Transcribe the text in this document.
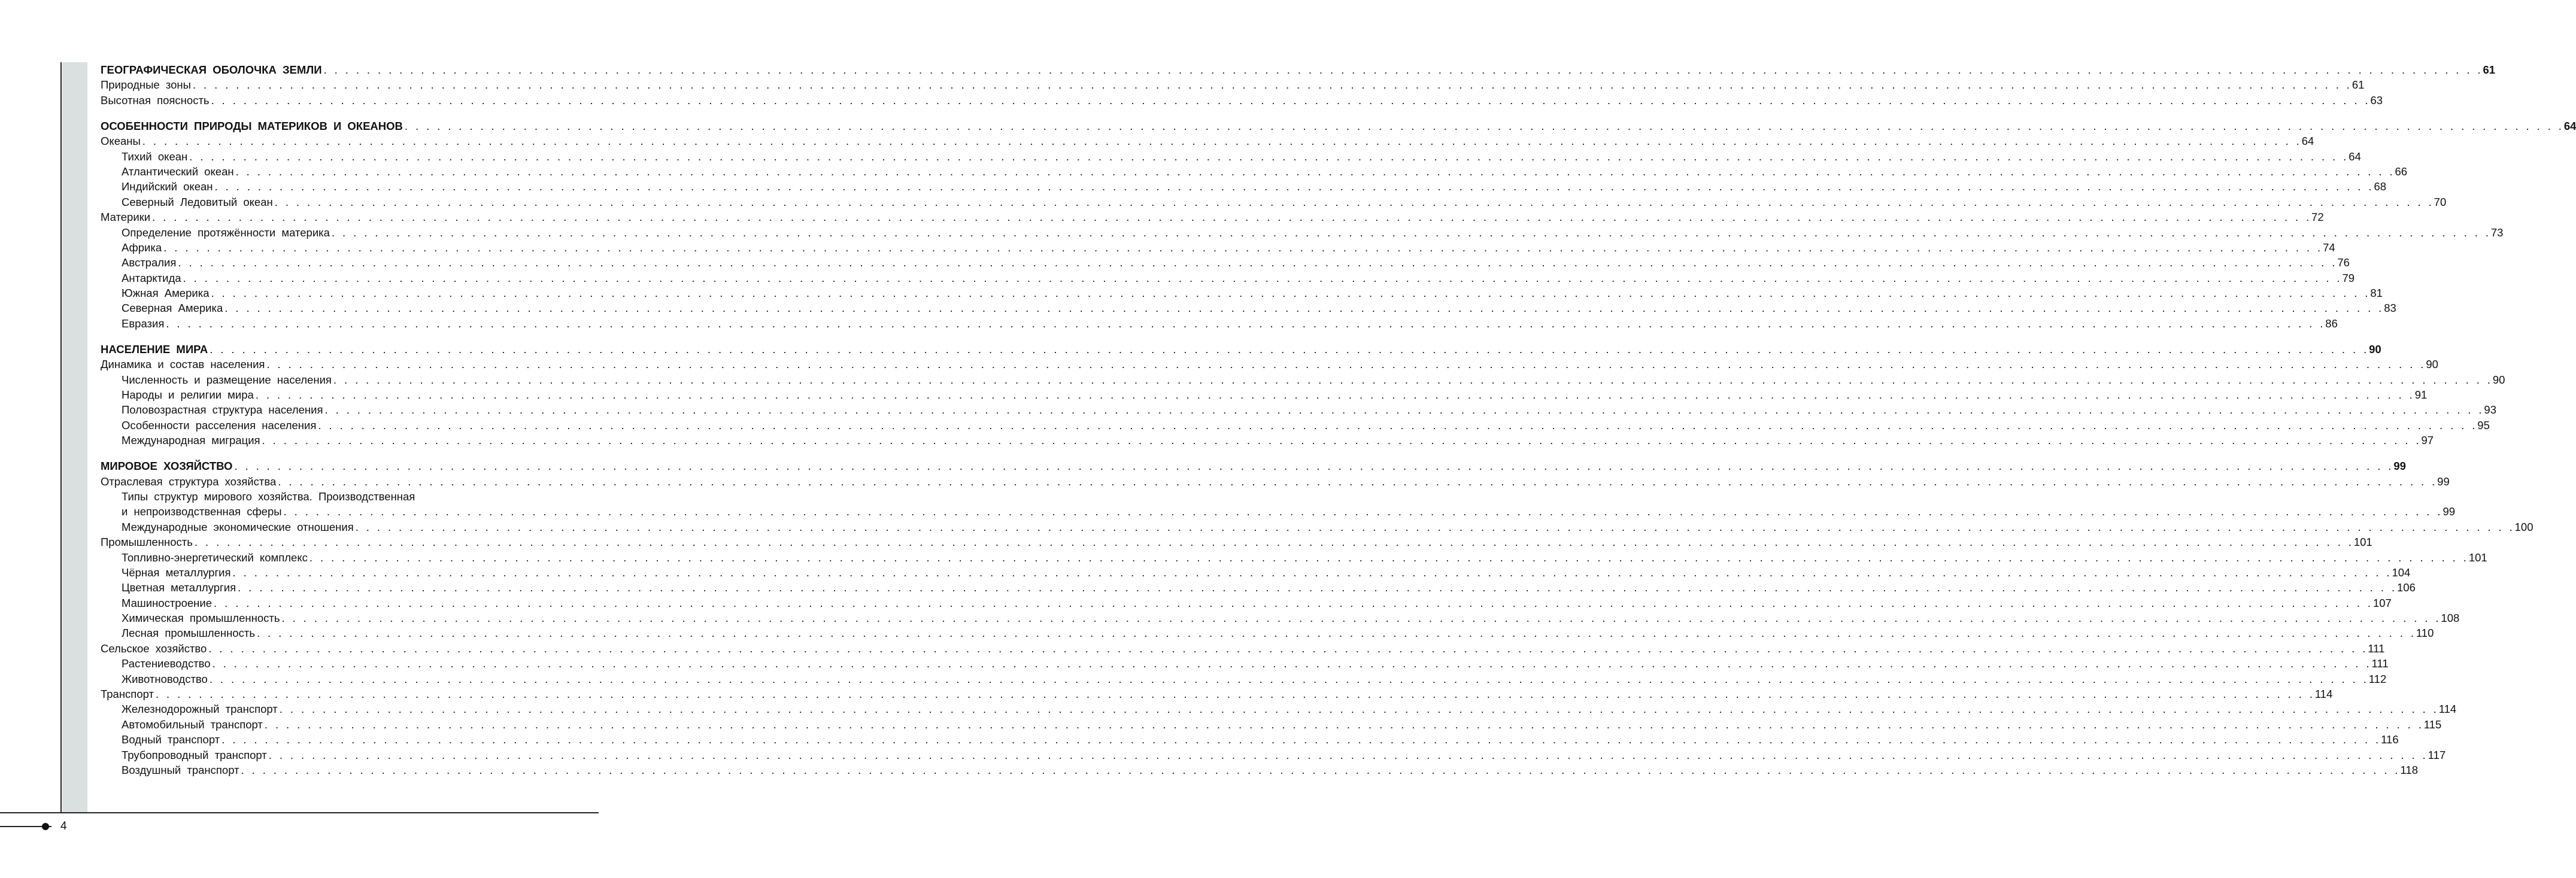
4
ГЕОГРАФИЧЕСКАЯ ОБОЛОЧКА ЗЕМЛИ . . . . . . . . . . . . . . . . . . . . . . . . . . . . . . . . . . . . . . . . . . . . . . . . . . . . . . . . . . . . . . . . . . . . . . . . . . . . . . . . . . . . . . . . . . . . . . . . . . . . . . . . . . . . . . . . . . . . . . . . . . . . . . . . . . . . . . . . . . . . . . . . . . . . . . . . . . . . . . . . . . . . . . . . . . . . . . . . . . . . . . . . . . . . . . . . . . . . . . . . 61
Природные зоны . . . . . . . . . . . . . . . . . . . . . . . . . . . . . . . . . . . . . . . . . . . . . . . . . . . . . . . . . . . . . . . . . . . . . . . . . . . . . . . . . . . . . . . . . . . . . . . . . . . . . . . . . . . . . . . . . . . . . . . . . . . . . . . . . . . . . . . . . . . . . . . . . . . . . . . . . . . . . . . . . . . . . . . . . . . . . . . . . . . . . . . . . . . . . . . . . . . . . . . . 61
Высотная поясность . . . . . . . . . . . . . . . . . . . . . . . . . . . . . . . . . . . . . . . . . . . . . . . . . . . . . . . . . . . . . . . . . . . . . . . . . . . . . . . . . . . . . . . . . . . . . . . . . . . . . . . . . . . . . . . . . . . . . . . . . . . . . . . . . . . . . . . . . . . . . . . . . . . . . . . . . . . . . . . . . . . . . . . . . . . . . . . . . . . . . . . . . . . . . . . . . . . . . . . . 63
ОСОБЕННОСТИ ПРИРОДЫ МАТЕРИКОВ И ОКЕАНОВ . . . . . . . . . . . . . . . . . . . . . . . . . . . . . . . . . . . . . . . . . . . . . . . . . . . . . . . . . . . . . . . . . . . . . . . . . . . . . . . . . . . . . . . . . . . . . . . . . . . . . . . . . . . . . . . . . . . . . . . . . . . . . . . . . . . . . . . . . . . . . . . . . . . . . . . . . . . . . . . . . . . . . . . . . . . . . . . . . . . . . . . . . . . . . . . . . . . . . . . . 64
Океаны . . . . . . . . . . . . . . . . . . . . . . . . . . . . . . . . . . . . . . . . . . . . . . . . . . . . . . . . . . . . . . . . . . . . . . . . . . . . . . . . . . . . . . . . . . . . . . . . . . . . . . . . . . . . . . . . . . . . . . . . . . . . . . . . . . . . . . . . . . . . . . . . . . . . . . . . . . . . . . . . . . . . . . . . . . . . . . . . . . . . . . . . . . . . . . . . . . . . . . . . 64
Тихий океан . . . . . . . . . . . . . . . . . . . . . . . . . . . . . . . . . . . . . . . . . . . . . . . . . . . . . . . . . . . . . . . . . . . . . . . . . . . . . . . . . . . . . . . . . . . . . . . . . . . . . . . . . . . . . . . . . . . . . . . . . . . . . . . . . . . . . . . . . . . . . . . . . . . . . . . . . . . . . . . . . . . . . . . . . . . . . . . . . . . . . . . . . . . . . . . . . . . . . . . . 64
Атлантический океан . . . . . . . . . . . . . . . . . . . . . . . . . . . . . . . . . . . . . . . . . . . . . . . . . . . . . . . . . . . . . . . . . . . . . . . . . . . . . . . . . . . . . . . . . . . . . . . . . . . . . . . . . . . . . . . . . . . . . . . . . . . . . . . . . . . . . . . . . . . . . . . . . . . . . . . . . . . . . . . . . . . . . . . . . . . . . . . . . . . . . . . . . . . . . . . . . . . . . . . . 66
Индийский океан . . . . . . . . . . . . . . . . . . . . . . . . . . . . . . . . . . . . . . . . . . . . . . . . . . . . . . . . . . . . . . . . . . . . . . . . . . . . . . . . . . . . . . . . . . . . . . . . . . . . . . . . . . . . . . . . . . . . . . . . . . . . . . . . . . . . . . . . . . . . . . . . . . . . . . . . . . . . . . . . . . . . . . . . . . . . . . . . . . . . . . . . . . . . . . . . . . . . . . . . 68
Северный Ледовитый океан . . . . . . . . . . . . . . . . . . . . . . . . . . . . . . . . . . . . . . . . . . . . . . . . . . . . . . . . . . . . . . . . . . . . . . . . . . . . . . . . . . . . . . . . . . . . . . . . . . . . . . . . . . . . . . . . . . . . . . . . . . . . . . . . . . . . . . . . . . . . . . . . . . . . . . . . . . . . . . . . . . . . . . . . . . . . . . . . . . . . . . . . . . . . . . . . . . . . . . . . 70
Материки . . . . . . . . . . . . . . . . . . . . . . . . . . . . . . . . . . . . . . . . . . . . . . . . . . . . . . . . . . . . . . . . . . . . . . . . . . . . . . . . . . . . . . . . . . . . . . . . . . . . . . . . . . . . . . . . . . . . . . . . . . . . . . . . . . . . . . . . . . . . . . . . . . . . . . . . . . . . . . . . . . . . . . . . . . . . . . . . . . . . . . . . . . . . . . . . . . . . . . . . 72
Определение протяжённости материка . . . . . . . . . . . . . . . . . . . . . . . . . . . . . . . . . . . . . . . . . . . . . . . . . . . . . . . . . . . . . . . . . . . . . . . . . . . . . . . . . . . . . . . . . . . . . . . . . . . . . . . . . . . . . . . . . . . . . . . . . . . . . . . . . . . . . . . . . . . . . . . . . . . . . . . . . . . . . . . . . . . . . . . . . . . . . . . . . . . . . . . . . . . . . . . . . . . . . . . . 73
Африка . . . . . . . . . . . . . . . . . . . . . . . . . . . . . . . . . . . . . . . . . . . . . . . . . . . . . . . . . . . . . . . . . . . . . . . . . . . . . . . . . . . . . . . . . . . . . . . . . . . . . . . . . . . . . . . . . . . . . . . . . . . . . . . . . . . . . . . . . . . . . . . . . . . . . . . . . . . . . . . . . . . . . . . . . . . . . . . . . . . . . . . . . . . . . . . . . . . . . . . . 74
Австралия . . . . . . . . . . . . . . . . . . . . . . . . . . . . . . . . . . . . . . . . . . . . . . . . . . . . . . . . . . . . . . . . . . . . . . . . . . . . . . . . . . . . . . . . . . . . . . . . . . . . . . . . . . . . . . . . . . . . . . . . . . . . . . . . . . . . . . . . . . . . . . . . . . . . . . . . . . . . . . . . . . . . . . . . . . . . . . . . . . . . . . . . . . . . . . . . . . . . . . . . 76
Антарктида . . . . . . . . . . . . . . . . . . . . . . . . . . . . . . . . . . . . . . . . . . . . . . . . . . . . . . . . . . . . . . . . . . . . . . . . . . . . . . . . . . . . . . . . . . . . . . . . . . . . . . . . . . . . . . . . . . . . . . . . . . . . . . . . . . . . . . . . . . . . . . . . . . . . . . . . . . . . . . . . . . . . . . . . . . . . . . . . . . . . . . . . . . . . . . . . . . . . . . . . 79
Южная Америка . . . . . . . . . . . . . . . . . . . . . . . . . . . . . . . . . . . . . . . . . . . . . . . . . . . . . . . . . . . . . . . . . . . . . . . . . . . . . . . . . . . . . . . . . . . . . . . . . . . . . . . . . . . . . . . . . . . . . . . . . . . . . . . . . . . . . . . . . . . . . . . . . . . . . . . . . . . . . . . . . . . . . . . . . . . . . . . . . . . . . . . . . . . . . . . . . . . . . . . . 81
Северная Америка . . . . . . . . . . . . . . . . . . . . . . . . . . . . . . . . . . . . . . . . . . . . . . . . . . . . . . . . . . . . . . . . . . . . . . . . . . . . . . . . . . . . . . . . . . . . . . . . . . . . . . . . . . . . . . . . . . . . . . . . . . . . . . . . . . . . . . . . . . . . . . . . . . . . . . . . . . . . . . . . . . . . . . . . . . . . . . . . . . . . . . . . . . . . . . . . . . . . . . . . 83
Евразия . . . . . . . . . . . . . . . . . . . . . . . . . . . . . . . . . . . . . . . . . . . . . . . . . . . . . . . . . . . . . . . . . . . . . . . . . . . . . . . . . . . . . . . . . . . . . . . . . . . . . . . . . . . . . . . . . . . . . . . . . . . . . . . . . . . . . . . . . . . . . . . . . . . . . . . . . . . . . . . . . . . . . . . . . . . . . . . . . . . . . . . . . . . . . . . . . . . . . . . . 86
НАСЕЛЕНИЕ МИРА . . . . . . . . . . . . . . . . . . . . . . . . . . . . . . . . . . . . . . . . . . . . . . . . . . . . . . . . . . . . . . . . . . . . . . . . . . . . . . . . . . . . . . . . . . . . . . . . . . . . . . . . . . . . . . . . . . . . . . . . . . . . . . . . . . . . . . . . . . . . . . . . . . . . . . . . . . . . . . . . . . . . . . . . . . . . . . . . . . . . . . . . . . . . . . . . . . . . . . . . 90
Динамика и состав населения . . . . . . . . . . . . . . . . . . . . . . . . . . . . . . . . . . . . . . . . . . . . . . . . . . . . . . . . . . . . . . . . . . . . . . . . . . . . . . . . . . . . . . . . . . . . . . . . . . . . . . . . . . . . . . . . . . . . . . . . . . . . . . . . . . . . . . . . . . . . . . . . . . . . . . . . . . . . . . . . . . . . . . . . . . . . . . . . . . . . . . . . . . . . . . . . . . . . . . . . 90
Численность и размещение населения . . . . . . . . . . . . . . . . . . . . . . . . . . . . . . . . . . . . . . . . . . . . . . . . . . . . . . . . . . . . . . . . . . . . . . . . . . . . . . . . . . . . . . . . . . . . . . . . . . . . . . . . . . . . . . . . . . . . . . . . . . . . . . . . . . . . . . . . . . . . . . . . . . . . . . . . . . . . . . . . . . . . . . . . . . . . . . . . . . . . . . . . . . . . . . . . . . . . . . . . 90
Народы и религии мира . . . . . . . . . . . . . . . . . . . . . . . . . . . . . . . . . . . . . . . . . . . . . . . . . . . . . . . . . . . . . . . . . . . . . . . . . . . . . . . . . . . . . . . . . . . . . . . . . . . . . . . . . . . . . . . . . . . . . . . . . . . . . . . . . . . . . . . . . . . . . . . . . . . . . . . . . . . . . . . . . . . . . . . . . . . . . . . . . . . . . . . . . . . . . . . . . . . . . . . . 91
Половозрастная структура населения . . . . . . . . . . . . . . . . . . . . . . . . . . . . . . . . . . . . . . . . . . . . . . . . . . . . . . . . . . . . . . . . . . . . . . . . . . . . . . . . . . . . . . . . . . . . . . . . . . . . . . . . . . . . . . . . . . . . . . . . . . . . . . . . . . . . . . . . . . . . . . . . . . . . . . . . . . . . . . . . . . . . . . . . . . . . . . . . . . . . . . . . . . . . . . . . . . . . . . . . 93
Особенности расселения населения . . . . . . . . . . . . . . . . . . . . . . . . . . . . . . . . . . . . . . . . . . . . . . . . . . . . . . . . . . . . . . . . . . . . . . . . . . . . . . . . . . . . . . . . . . . . . . . . . . . . . . . . . . . . . . . . . . . . . . . . . . . . . . . . . . . . . . . . . . . . . . . . . . . . . . . . . . . . . . . . . . . . . . . . . . . . . . . . . . . . . . . . . . . . . . . . . . . . . . . . 95
Международная миграция . . . . . . . . . . . . . . . . . . . . . . . . . . . . . . . . . . . . . . . . . . . . . . . . . . . . . . . . . . . . . . . . . . . . . . . . . . . . . . . . . . . . . . . . . . . . . . . . . . . . . . . . . . . . . . . . . . . . . . . . . . . . . . . . . . . . . . . . . . . . . . . . . . . . . . . . . . . . . . . . . . . . . . . . . . . . . . . . . . . . . . . . . . . . . . . . . . . . . . . . 97
МИРОВОЕ ХОЗЯЙСТВО . . . . . . . . . . . . . . . . . . . . . . . . . . . . . . . . . . . . . . . . . . . . . . . . . . . . . . . . . . . . . . . . . . . . . . . . . . . . . . . . . . . . . . . . . . . . . . . . . . . . . . . . . . . . . . . . . . . . . . . . . . . . . . . . . . . . . . . . . . . . . . . . . . . . . . . . . . . . . . . . . . . . . . . . . . . . . . . . . . . . . . . . . . . . . . . . . . . . . . . . 99
Отраслевая структура хозяйства . . . . . . . . . . . . . . . . . . . . . . . . . . . . . . . . . . . . . . . . . . . . . . . . . . . . . . . . . . . . . . . . . . . . . . . . . . . . . . . . . . . . . . . . . . . . . . . . . . . . . . . . . . . . . . . . . . . . . . . . . . . . . . . . . . . . . . . . . . . . . . . . . . . . . . . . . . . . . . . . . . . . . . . . . . . . . . . . . . . . . . . . . . . . . . . . . . . . . . . . 99
Типы структур мирового хозяйства. Производственная
и непроизводственная сферы . . . . . . . . . . . . . . . . . . . . . . . . . . . . . . . . . . . . . . . . . . . . . . . . . . . . . . . . . . . . . . . . . . . . . . . . . . . . . . . . . . . . . . . . . . . . . . . . . . . . . . . . . . . . . . . . . . . . . . . . . . . . . . . . . . . . . . . . . . . . . . . . . . . . . . . . . . . . . . . . . . . . . . . . . . . . . . . . . . . . . . . . . . . . . . . . . . . . . . . . 99
Международные экономические отношения . . . . . . . . . . . . . . . . . . . . . . . . . . . . . . . . . . . . . . . . . . . . . . . . . . . . . . . . . . . . . . . . . . . . . . . . . . . . . . . . . . . . . . . . . . . . . . . . . . . . . . . . . . . . . . . . . . . . . . . . . . . . . . . . . . . . . . . . . . . . . . . . . . . . . . . . . . . . . . . . . . . . . . . . . . . . . . . . . . . . . . . . . . . . . . . . . . . . . . . . 100
Промышленность . . . . . . . . . . . . . . . . . . . . . . . . . . . . . . . . . . . . . . . . . . . . . . . . . . . . . . . . . . . . . . . . . . . . . . . . . . . . . . . . . . . . . . . . . . . . . . . . . . . . . . . . . . . . . . . . . . . . . . . . . . . . . . . . . . . . . . . . . . . . . . . . . . . . . . . . . . . . . . . . . . . . . . . . . . . . . . . . . . . . . . . . . . . . . . . . . . . . . . . . 101
Топливно-энергетический комплекс . . . . . . . . . . . . . . . . . . . . . . . . . . . . . . . . . . . . . . . . . . . . . . . . . . . . . . . . . . . . . . . . . . . . . . . . . . . . . . . . . . . . . . . . . . . . . . . . . . . . . . . . . . . . . . . . . . . . . . . . . . . . . . . . . . . . . . . . . . . . . . . . . . . . . . . . . . . . . . . . . . . . . . . . . . . . . . . . . . . . . . . . . . . . . . . . . . . . . . . . 101
Чёрная металлургия . . . . . . . . . . . . . . . . . . . . . . . . . . . . . . . . . . . . . . . . . . . . . . . . . . . . . . . . . . . . . . . . . . . . . . . . . . . . . . . . . . . . . . . . . . . . . . . . . . . . . . . . . . . . . . . . . . . . . . . . . . . . . . . . . . . . . . . . . . . . . . . . . . . . . . . . . . . . . . . . . . . . . . . . . . . . . . . . . . . . . . . . . . . . . . . . . . . . . . . . 104
Цветная металлургия . . . . . . . . . . . . . . . . . . . . . . . . . . . . . . . . . . . . . . . . . . . . . . . . . . . . . . . . . . . . . . . . . . . . . . . . . . . . . . . . . . . . . . . . . . . . . . . . . . . . . . . . . . . . . . . . . . . . . . . . . . . . . . . . . . . . . . . . . . . . . . . . . . . . . . . . . . . . . . . . . . . . . . . . . . . . . . . . . . . . . . . . . . . . . . . . . . . . . . . . 106
Машиностроение . . . . . . . . . . . . . . . . . . . . . . . . . . . . . . . . . . . . . . . . . . . . . . . . . . . . . . . . . . . . . . . . . . . . . . . . . . . . . . . . . . . . . . . . . . . . . . . . . . . . . . . . . . . . . . . . . . . . . . . . . . . . . . . . . . . . . . . . . . . . . . . . . . . . . . . . . . . . . . . . . . . . . . . . . . . . . . . . . . . . . . . . . . . . . . . . . . . . . . . . 107
Химическая промышленность . . . . . . . . . . . . . . . . . . . . . . . . . . . . . . . . . . . . . . . . . . . . . . . . . . . . . . . . . . . . . . . . . . . . . . . . . . . . . . . . . . . . . . . . . . . . . . . . . . . . . . . . . . . . . . . . . . . . . . . . . . . . . . . . . . . . . . . . . . . . . . . . . . . . . . . . . . . . . . . . . . . . . . . . . . . . . . . . . . . . . . . . . . . . . . . . . . . . . . . . 108
Лесная промышленность . . . . . . . . . . . . . . . . . . . . . . . . . . . . . . . . . . . . . . . . . . . . . . . . . . . . . . . . . . . . . . . . . . . . . . . . . . . . . . . . . . . . . . . . . . . . . . . . . . . . . . . . . . . . . . . . . . . . . . . . . . . . . . . . . . . . . . . . . . . . . . . . . . . . . . . . . . . . . . . . . . . . . . . . . . . . . . . . . . . . . . . . . . . . . . . . . . . . . . . . 110
Сельское хозяйство . . . . . . . . . . . . . . . . . . . . . . . . . . . . . . . . . . . . . . . . . . . . . . . . . . . . . . . . . . . . . . . . . . . . . . . . . . . . . . . . . . . . . . . . . . . . . . . . . . . . . . . . . . . . . . . . . . . . . . . . . . . . . . . . . . . . . . . . . . . . . . . . . . . . . . . . . . . . . . . . . . . . . . . . . . . . . . . . . . . . . . . . . . . . . . . . . . . . . . . . 111
Растениеводство . . . . . . . . . . . . . . . . . . . . . . . . . . . . . . . . . . . . . . . . . . . . . . . . . . . . . . . . . . . . . . . . . . . . . . . . . . . . . . . . . . . . . . . . . . . . . . . . . . . . . . . . . . . . . . . . . . . . . . . . . . . . . . . . . . . . . . . . . . . . . . . . . . . . . . . . . . . . . . . . . . . . . . . . . . . . . . . . . . . . . . . . . . . . . . . . . . . . . . . . 111
Животноводство . . . . . . . . . . . . . . . . . . . . . . . . . . . . . . . . . . . . . . . . . . . . . . . . . . . . . . . . . . . . . . . . . . . . . . . . . . . . . . . . . . . . . . . . . . . . . . . . . . . . . . . . . . . . . . . . . . . . . . . . . . . . . . . . . . . . . . . . . . . . . . . . . . . . . . . . . . . . . . . . . . . . . . . . . . . . . . . . . . . . . . . . . . . . . . . . . . . . . . . . 112
Транспорт . . . . . . . . . . . . . . . . . . . . . . . . . . . . . . . . . . . . . . . . . . . . . . . . . . . . . . . . . . . . . . . . . . . . . . . . . . . . . . . . . . . . . . . . . . . . . . . . . . . . . . . . . . . . . . . . . . . . . . . . . . . . . . . . . . . . . . . . . . . . . . . . . . . . . . . . . . . . . . . . . . . . . . . . . . . . . . . . . . . . . . . . . . . . . . . . . . . . . . . . 114
Железнодорожный транспорт . . . . . . . . . . . . . . . . . . . . . . . . . . . . . . . . . . . . . . . . . . . . . . . . . . . . . . . . . . . . . . . . . . . . . . . . . . . . . . . . . . . . . . . . . . . . . . . . . . . . . . . . . . . . . . . . . . . . . . . . . . . . . . . . . . . . . . . . . . . . . . . . . . . . . . . . . . . . . . . . . . . . . . . . . . . . . . . . . . . . . . . . . . . . . . . . . . . . . . . . 114
Автомобильный транспорт . . . . . . . . . . . . . . . . . . . . . . . . . . . . . . . . . . . . . . . . . . . . . . . . . . . . . . . . . . . . . . . . . . . . . . . . . . . . . . . . . . . . . . . . . . . . . . . . . . . . . . . . . . . . . . . . . . . . . . . . . . . . . . . . . . . . . . . . . . . . . . . . . . . . . . . . . . . . . . . . . . . . . . . . . . . . . . . . . . . . . . . . . . . . . . . . . . . . . . . . 115
Водный транспорт . . . . . . . . . . . . . . . . . . . . . . . . . . . . . . . . . . . . . . . . . . . . . . . . . . . . . . . . . . . . . . . . . . . . . . . . . . . . . . . . . . . . . . . . . . . . . . . . . . . . . . . . . . . . . . . . . . . . . . . . . . . . . . . . . . . . . . . . . . . . . . . . . . . . . . . . . . . . . . . . . . . . . . . . . . . . . . . . . . . . . . . . . . . . . . . . . . . . . . . . 116
Трубопроводный транспорт . . . . . . . . . . . . . . . . . . . . . . . . . . . . . . . . . . . . . . . . . . . . . . . . . . . . . . . . . . . . . . . . . . . . . . . . . . . . . . . . . . . . . . . . . . . . . . . . . . . . . . . . . . . . . . . . . . . . . . . . . . . . . . . . . . . . . . . . . . . . . . . . . . . . . . . . . . . . . . . . . . . . . . . . . . . . . . . . . . . . . . . . . . . . . . . . . . . . . . . . 117
Воздушный транспорт . . . . . . . . . . . . . . . . . . . . . . . . . . . . . . . . . . . . . . . . . . . . . . . . . . . . . . . . . . . . . . . . . . . . . . . . . . . . . . . . . . . . . . . . . . . . . . . . . . . . . . . . . . . . . . . . . . . . . . . . . . . . . . . . . . . . . . . . . . . . . . . . . . . . . . . . . . . . . . . . . . . . . . . . . . . . . . . . . . . . . . . . . . . . . . . . . . . . . . . . 118
